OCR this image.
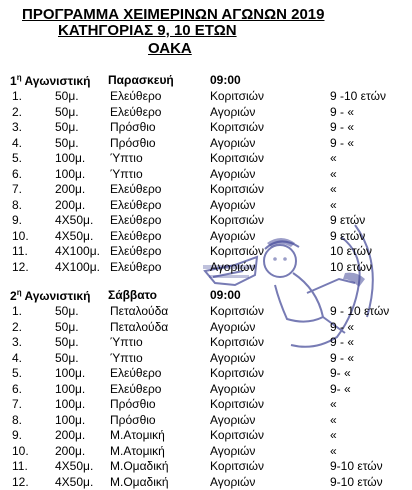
ΠΡΟΓΡΑΜΜΑ ΧΕΙΜΕΡΙΝΩΝ ΑΓΩΝΩΝ 2019
ΚΑΤΗΓΟΡΙΑΣ 9, 10 ΕΤΩΝ
ΟΑΚΑ
$1^\eta$ Αγωνιστική Παρασκευή	09:00
1.	50μ.	Ελεύθερο	Κοριτσιών	9 -10 ετών
2.	50μ.	Ελεύθερο	Αγοριών	9 - «
3.	50μ.	Πρόσθιο	Κοριτσιών	9 - «
4.	50μ.	Πρόσθιο	Αγοριών	9 - «
5.	100μ. Ύπτιο	Κοριτσιών	«
6.	100μ. Ύπτιο	Αγοριών	«
7.	200μ. Ελεύθερο	Κοριτσιών	«
8.	200μ. Ελεύθερο	Αγοριών	«
9.	4Χ50μ. Ελεύθερο	Κοριτσιών	9 ετών
10. 4Χ50μ. Ελεύθερο	Αγοριών	9 ετών
11. 4Χ100μ. Ελεύθερο	Κοριτσιών	10 ετών
12. 4Χ100μ. Ελεύθερο	Αγοριών	10 ετών
$2^\eta$ Αγωνιστική Σάββατο	09:00
1.	50μ.	Πεταλούδα	Κοριτσιών	9 - 10 ετών
2.	50μ.	Πεταλούδα	Αγοριών	9 - «
3.	50μ.	Ύπτιο	Κοριτσιών	9 - «
4.	50μ.	Ύπτιο	Αγοριών	9 - «
5.	100μ. Ελεύθερο	Κοριτσιών	9- «
6.	100μ. Ελεύθερο	Αγοριών	9- «
7.	100μ. Πρόσθιο	Κοριτσιών	«
8.	100μ. Πρόσθιο	Αγοριών	«
9.	200μ. Μ.Ατομική	Κοριτσιών	«
10. 200μ. Μ.Ατομική	Αγοριών	«
11. 4Χ50μ. Μ.Ομαδική	Κοριτσιών	9-10 ετών
12. 4Χ50μ. Μ.Ομαδική	Αγοριών	9-10 ετών
